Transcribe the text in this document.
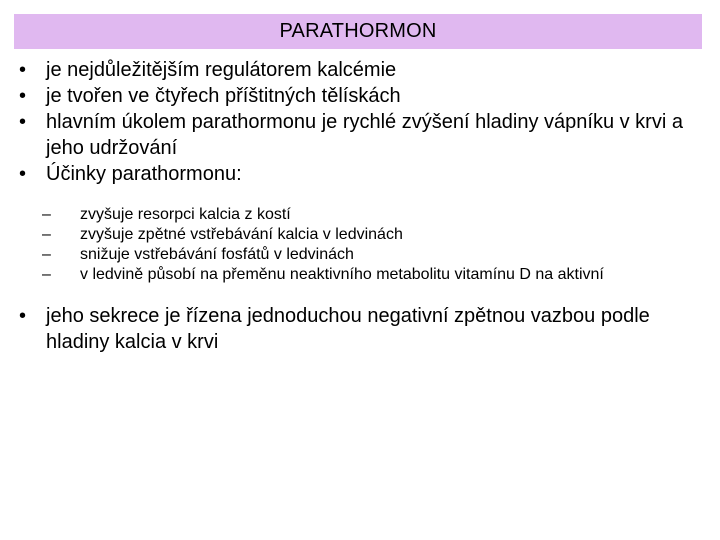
PARATHORMON
• je nejdůležitějším regulátorem kalcémie
• je tvořen ve čtyřech příštitných tělískách
• hlavním úkolem parathormonu je rychlé zvýšení hladiny vápníku v krvi a jeho udržování
• Účinky parathormonu:
– zvyšuje resorpci kalcia z kostí
– zvyšuje zpětné vstřebávání kalcia v ledvinách
– snižuje vstřebávání fosfátů v ledvinách
– v ledvině působí na přeměnu neaktivního metabolitu vitamínu D na aktivní
• jeho sekrece je řízena jednoduchou negativní zpětnou vazbou podle hladiny kalcia v krvi
